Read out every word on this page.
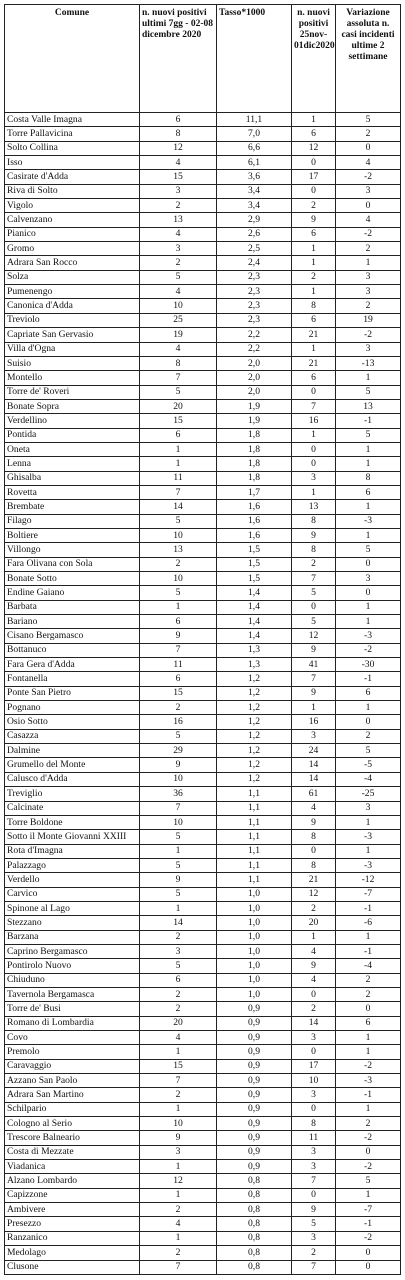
Comune	n. nuovi positivi ultimi 7gg - 02-08 dicembre 2020	Tasso*1000	n. nuovi positivi 25nov-01dic2020	Variazione assoluta n. casi incidenti ultime 2 settimane
Costa Valle Imagna	6	11,1	1	5
Torre Pallavicina	8	7,0	6	2
Solto Collina	12	6,6	12	0
Isso	4	6,1	0	4
Casirate d'Adda	15	3,6	17	-2
Riva di Solto	3	3,4	0	3
Vigolo	2	3,4	2	0
Calvenzano	13	2,9	9	4
Pianico	4	2,6	6	-2
Gromo	3	2,5	1	2
Adrara San Rocco	2	2,4	1	1
Solza	5	2,3	2	3
Pumenengo	4	2,3	1	3
Canonica d'Adda	10	2,3	8	2
Treviolo	25	2,3	6	19
Capriate San Gervasio	19	2,2	21	-2
Villa d'Ogna	4	2,2	1	3
Suisio	8	2,0	21	-13
Montello	7	2,0	6	1
Torre de' Roveri	5	2,0	0	5
Bonate Sopra	20	1,9	7	13
Verdellino	15	1,9	16	-1
Pontida	6	1,8	1	5
Oneta	1	1,8	0	1
Lenna	1	1,8	0	1
Ghisalba	11	1,8	3	8
Rovetta	7	1,7	1	6
Brembate	14	1,6	13	1
Filago	5	1,6	8	-3
Boltiere	10	1,6	9	1
Villongo	13	1,5	8	5
Fara Olivana con Sola	2	1,5	2	0
Bonate Sotto	10	1,5	7	3
Endine Gaiano	5	1,4	5	0
Barbata	1	1,4	0	1
Bariano	6	1,4	5	1
Cisano Bergamasco	9	1,4	12	-3
Bottanuco	7	1,3	9	-2
Fara Gera d'Adda	11	1,3	41	-30
Fontanella	6	1,2	7	-1
Ponte San Pietro	15	1,2	9	6
Pognano	2	1,2	1	1
Osio Sotto	16	1,2	16	0
Casazza	5	1,2	3	2
Dalmine	29	1,2	24	5
Grumello del Monte	9	1,2	14	-5
Calusco d'Adda	10	1,2	14	-4
Treviglio	36	1,1	61	-25
Calcinate	7	1,1	4	3
Torre Boldone	10	1,1	9	1
Sotto il Monte Giovanni XXIII	5	1,1	8	-3
Rota d'Imagna	1	1,1	0	1
Palazzago	5	1,1	8	-3
Verdello	9	1,1	21	-12
Carvico	5	1,0	12	-7
Spinone al Lago	1	1,0	2	-1
Stezzano	14	1,0	20	-6
Barzana	2	1,0	1	1
Caprino Bergamasco	3	1,0	4	-1
Pontirolo Nuovo	5	1,0	9	-4
Chiuduno	6	1,0	4	2
Tavernola Bergamasca	2	1,0	0	2
Torre de' Busi	2	0,9	2	0
Romano di Lombardia	20	0,9	14	6
Covo	4	0,9	3	1
Premolo	1	0,9	0	1
Caravaggio	15	0,9	17	-2
Azzano San Paolo	7	0,9	10	-3
Adrara San Martino	2	0,9	3	-1
Schilpario	1	0,9	0	1
Cologno al Serio	10	0,9	8	2
Trescore Balneario	9	0,9	11	-2
Costa di Mezzate	3	0,9	3	0
Viadanica	1	0,9	3	-2
Alzano Lombardo	12	0,8	7	5
Capizzone	1	0,8	0	1
Ambivere	2	0,8	9	-7
Presezzo	4	0,8	5	-1
Ranzanico	1	0,8	3	-2
Medolago	2	0,8	2	0
Clusone	7	0,8	7	0
